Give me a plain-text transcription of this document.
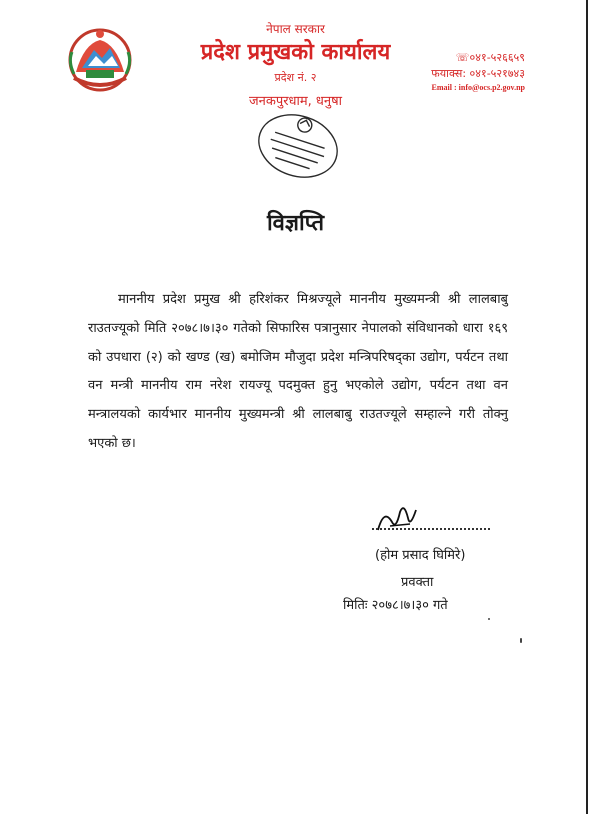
नेपाल सरकार
प्रदेश प्रमुखको कार्यालय
प्रदेश नं. २
जनकपुरधाम, धनुषा
☏०४१-५२६६५९
फयाक्स: ०४१-५२१७४३
Email : info@ocs.p2.gov.np
विज्ञप्ति
माननीय प्रदेश प्रमुख श्री हरिशंकर मिश्रज्यूले माननीय मुख्यमन्त्री श्री लालबाबु राउतज्यूको मिति २०७८।७।३० गतेको सिफारिस पत्रानुसार नेपालको संविधानको धारा १६९ को उपधारा (२) को खण्ड (ख) बमोजिम मौजुदा प्रदेश मन्त्रिपरिषद्का उद्योग, पर्यटन तथा वन मन्त्री माननीय राम नरेश रायज्यू पदमुक्त हुनु भएकोले उद्योग, पर्यटन तथा वन मन्त्रालयको कार्यभार माननीय मुख्यमन्त्री श्री लालबाबु राउतज्यूले सम्हाल्ने गरी तोक्नु भएको छ।
(होम प्रसाद घिमिरे)
प्रवक्ता
मितिः २०७८।७।३० गते
